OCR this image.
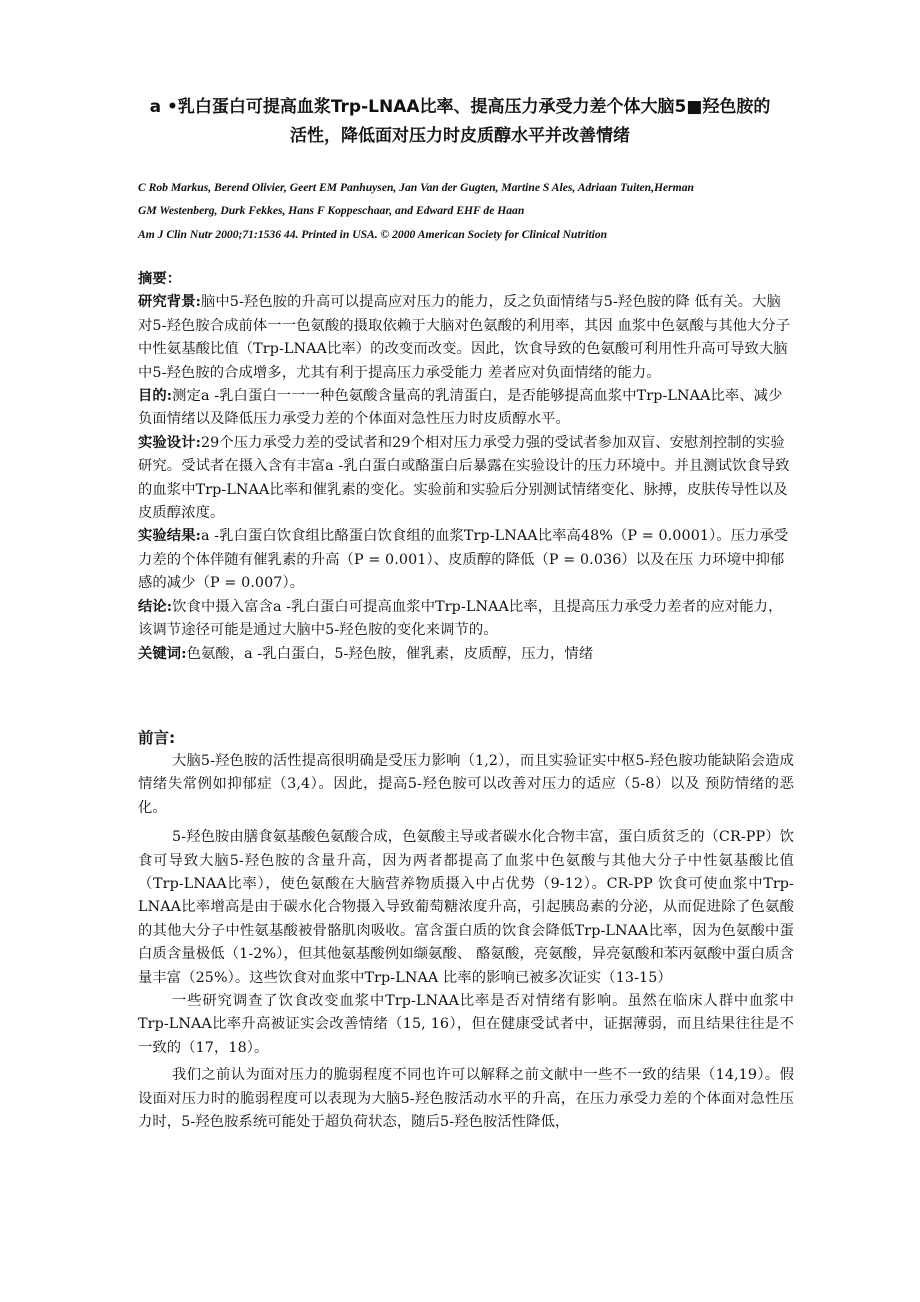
a •乳白蛋白可提高血浆Trp-LNAA比率、提高压力承受力差个体大脑5■羟色胺的
活性，降低面对压力时皮质醇水平并改善情绪
C Rob Markus, Berend Olivier, Geert EM Panhuysen, Jan Van der Gugten, Martine S Ales, Adriaan Tuiten,Herman
GM Westenberg, Durk Fekkes, Hans F Koppeschaar, and Edward EHF de Haan
Am J Clin Nutr 2000;71:1536 44. Printed in USA. © 2000 American Society for Clinical Nutrition

摘要：

研究背景:脑中5-羟色胺的升高可以提高应对压力的能力，反之负面情绪与5-羟色胺的降 低有关。大脑对5-羟色胺合成前体一一色氨酸的摄取依赖于大脑对色氨酸的利用率，其因 血浆中色氨酸与其他大分子中性氨基酸比值（Trp-LNAA比率）的改变而改变。因此，饮食导致的色氨酸可利用性升高可导致大脑中5-羟色胺的合成增多，尤其有利于提高压力承受能力 差者应对负面情绪的能力。

目的:测定a -乳白蛋白一一一种色氨酸含量高的乳清蛋白，是否能够提高血浆中Trp-LNAA比率、减少负面情绪以及降低压力承受力差的个体面对急性压力时皮质醇水平。

实验设计:29个压力承受力差的受试者和29个相对压力承受力强的受试者参加双盲、安慰剂控制的实验研究。受试者在摄入含有丰富a -乳白蛋白或酪蛋白后暴露在实验设计的压力环境中。并且测试饮食导致的血浆中Trp-LNAA比率和催乳素的变化。实验前和实验后分别测试情绪变化、脉搏，皮肤传导性以及皮质醇浓度。

实验结果:a -乳白蛋白饮食组比酪蛋白饮食组的血浆Trp-LNAA比率高48%（P = 0.0001）。压力承受力差的个体伴随有催乳素的升高（P = 0.001）、皮质醇的降低（P = 0.036）以及在压 力环境中抑郁感的减少（P = 0.007）。

结论:饮食中摄入富含a -乳白蛋白可提高血浆中Trp-LNAA比率，且提高压力承受力差者的应对能力，该调节途径可能是通过大脑中5-羟色胺的变化来调节的。

关键词:色氨酸，a -乳白蛋白，5-羟色胺，催乳素，皮质醇，压力，情绪

前言:

大脑5-羟色胺的活性提高很明确是受压力影响（1,2），而且实验证实中枢5-羟色胺功能缺陷会造成情绪失常例如抑郁症（3,4）。因此，提高5-羟色胺可以改善对压力的适应（5-8）以及 预防情绪的恶化。

5-羟色胺由膳食氨基酸色氨酸合成，色氨酸主导或者碳水化合物丰富，蛋白质贫乏的（CR-PP）饮食可导致大脑5-羟色胺的含量升高，因为两者都提高了血浆中色氨酸与其他大分子中性氨基酸比值（Trp-LNAA比率），使色氨酸在大脑营养物质摄入中占优势（9-12）。CR-PP 饮食可使血浆中Trp-LNAA比率增高是由于碳水化合物摄入导致葡萄糖浓度升高，引起胰岛素的分泌，从而促进除了色氨酸的其他大分子中性氨基酸被骨骼肌肉吸收。富含蛋白质的饮食会降低Trp-LNAA比率，因为色氨酸中蛋白质含量极低（1-2%），但其他氨基酸例如缬氨酸、 酪氨酸，亮氨酸，异亮氨酸和苯丙氨酸中蛋白质含量丰富（25%）。这些饮食对血浆中Trp-LNAA 比率的影响已被多次证实（13-15）

一些研究调查了饮食改变血浆中Trp-LNAA比率是否对情绪有影响。虽然在临床人群中血浆中Trp-LNAA比率升高被证实会改善情绪（15, 16），但在健康受试者中，证据薄弱，而且结果往往是不一致的（17，18）。

我们之前认为面对压力的脆弱程度不同也许可以解释之前文献中一些不一致的结果（14,19）。假设面对压力时的脆弱程度可以表现为大脑5-羟色胺活动水平的升高，在压力承受力差的个体面对急性压力时，5-羟色胺系统可能处于超负荷状态，随后5-羟色胺活性降低，
